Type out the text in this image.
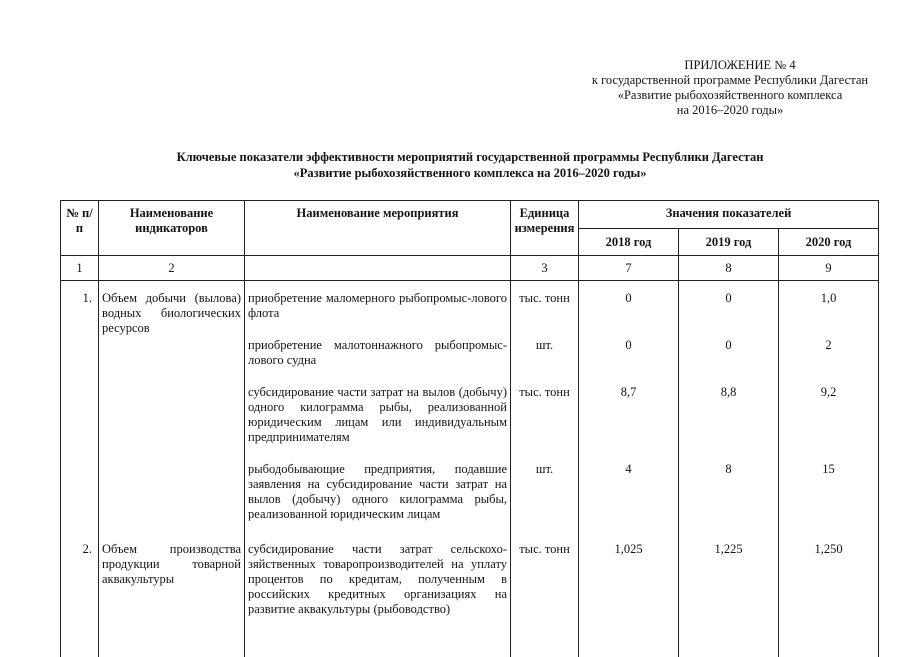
ПРИЛОЖЕНИЕ № 4
к государственной программе Республики Дагестан
«Развитие рыбохозяйственного комплекса
на 2016–2020 годы»
Ключевые показатели эффективности мероприятий государственной программы Республики Дагестан
«Развитие рыбохозяйственного комплекса на 2016–2020 годы»
№ п/п	Наименование индикаторов	Наименование мероприятия	Единица измерения	Значения показателей		
				2018 год	2019 год	2020 год
1	2		3	7	8	9
1.	Объем добычи (вылова) водных биологических ресурсов	приобретение маломерного рыбопромыс-лового флота	тыс. тонн	0	0	1,0
		приобретение малотоннажного рыбопромыс-лового судна	шт.	0	0	2
		субсидирование части затрат на вылов (добычу) одного килограмма рыбы, реализованной юридическим лицам или индивидуальным предпринимателям	тыс. тонн	8,7	8,8	9,2
		рыбодобывающие предприятия, подавшие заявления на субсидирование части затрат на вылов (добычу) одного килограмма рыбы, реализованной юридическим лицам	шт.	4	8	15
2.	Объем производства продукции товарной аквакультуры	субсидирование части затрат сельскохо-зяйственных товаропроизводителей на уплату процентов по кредитам, полученным в российских кредитных организациях на развитие аквакультуры (рыбоводство)	тыс. тонн	1,025	1,225	1,250
